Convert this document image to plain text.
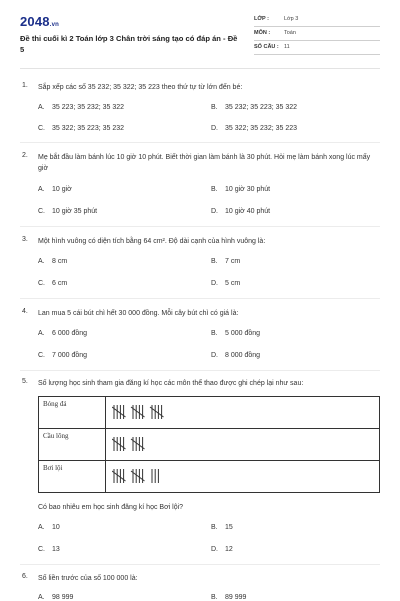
2048.vn
Đề thi cuối kì 2 Toán lớp 3 Chân trời sáng tạo có đáp án - Đề 5
LỚP :	Lớp 3
MÔN :	Toán
SỐ CÂU : 11
1. Sắp xếp các số 35 232; 35 322; 35 223 theo thứ tự từ lớn đến bé:
A. 35 223; 35 232; 35 322	B. 35 232; 35 223; 35 322
C. 35 322; 35 223; 35 232	D. 35 322; 35 232; 35 223
2. Mẹ bắt đầu làm bánh lúc 10 giờ 10 phút. Biết thời gian làm bánh là 30 phút. Hỏi mẹ làm bánh xong lúc mấy giờ
A. 10 giờ	B. 10 giờ 30 phút
C. 10 giờ 35 phút	D. 10 giờ 40 phút
3. Một hình vuông có diện tích bằng 64 cm². Độ dài cạnh của hình vuông là:
A. 8 cm	B. 7 cm
C. 6 cm	D. 5 cm
4. Lan mua 5 cái bút chì hết 30 000 đồng. Mỗi cây bút chì có giá là:
A. 6 000 đồng	B. 5 000 đồng
C. 7 000 đồng	D. 8 000 đồng
5. Số lượng học sinh tham gia đăng kí học các môn thể thao được ghi chép lại như sau:
Bóng đá	
Cầu lông	
Bơi lội	
Có bao nhiêu em học sinh đăng kí học Bơi lội?
A. 10	B. 15
C. 13	D. 12
6. Số liền trước của số 100 000 là:
A. 98 999	B. 89 999
